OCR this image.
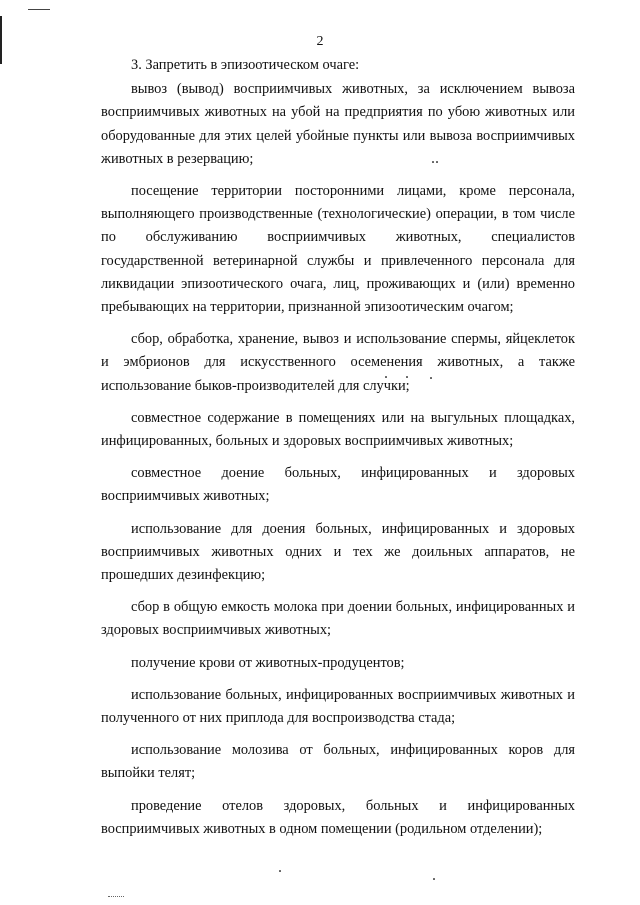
2

3. Запретить в эпизоотическом очаге:

вывоз (вывод) восприимчивых животных, за исключением вывоза восприимчивых животных на убой на предприятия по убою животных или оборудованные для этих целей убойные пункты или вывоза восприимчивых животных в резервацию;

посещение территории посторонними лицами, кроме персонала, выполняющего производственные (технологические) операции, в том числе по обслуживанию восприимчивых животных, специалистов государственной ветеринарной службы и привлеченного персонала для ликвидации эпизоотического очага, лиц, проживающих и (или) временно пребывающих на территории, признанной эпизоотическим очагом;

сбор, обработка, хранение, вывоз и использование спермы, яйцеклеток и эмбрионов для искусственного осеменения животных, а также использование быков-производителей для случки;

совместное содержание в помещениях или на выгульных площадках, инфицированных, больных и здоровых восприимчивых животных;

совместное доение больных, инфицированных и здоровых восприимчивых животных;

использование для доения больных, инфицированных и здоровых восприимчивых животных одних и тех же доильных аппаратов, не прошедших дезинфекцию;

сбор в общую емкость молока при доении больных, инфицированных и здоровых восприимчивых животных;

получение крови от животных-продуцентов;

использование больных, инфицированных восприимчивых животных и полученного от них приплода для воспроизводства стада;

использование молозива от больных, инфицированных коров для выпойки телят;

проведение отелов здоровых, больных и инфицированных восприимчивых животных в одном помещении (родильном отделении);
